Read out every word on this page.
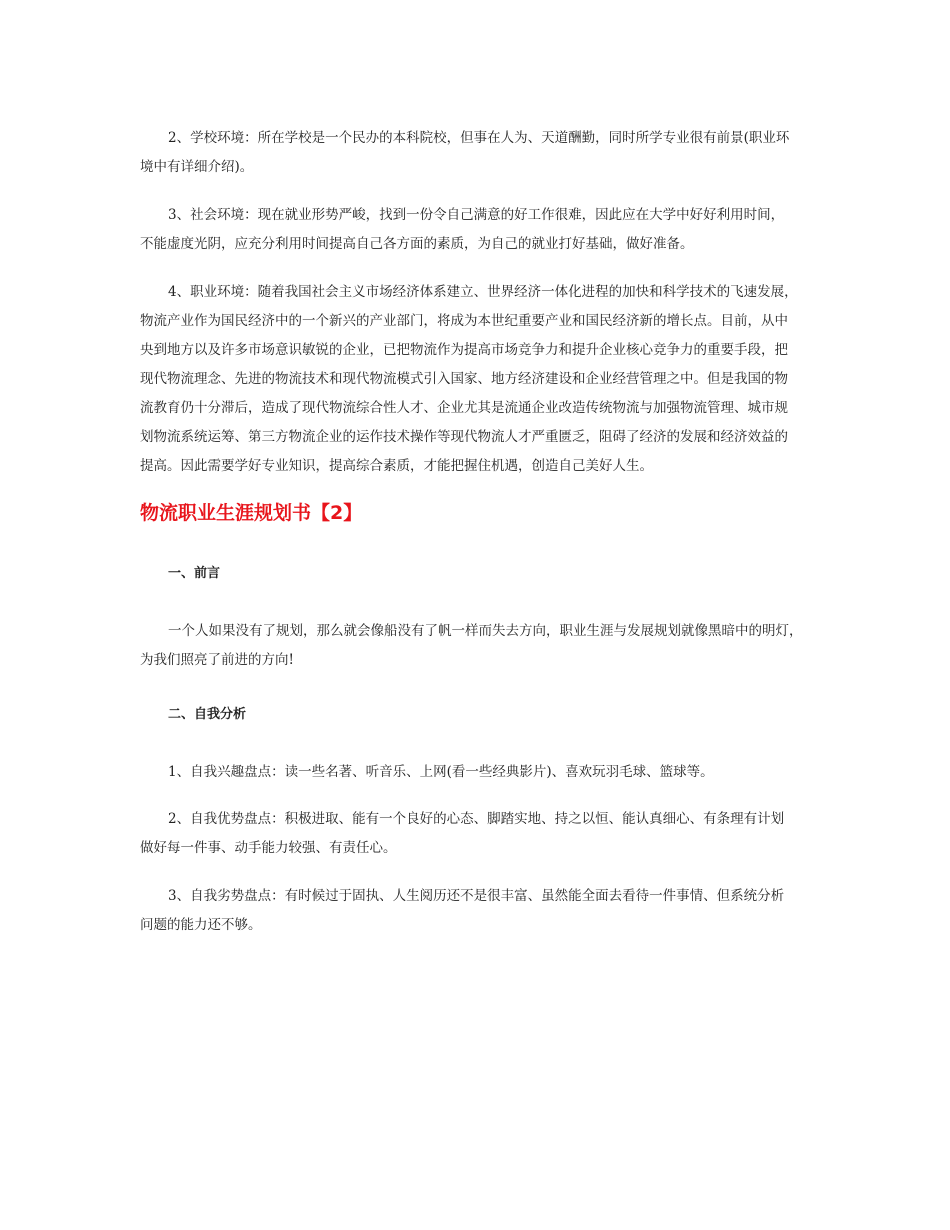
2、学校环境：所在学校是一个民办的本科院校，但事在人为、天道酬勤，同时所学专业很有前景(职业环

境中有详细介绍)。

3、社会环境：现在就业形势严峻，找到一份令自己满意的好工作很难，因此应在大学中好好利用时间，

不能虚度光阴，应充分利用时间提高自己各方面的素质，为自己的就业打好基础，做好准备。

4、职业环境：随着我国社会主义市场经济体系建立、世界经济一体化进程的加快和科学技术的飞速发展，

物流产业作为国民经济中的一个新兴的产业部门，将成为本世纪重要产业和国民经济新的增长点。目前，从中

央到地方以及许多市场意识敏锐的企业，已把物流作为提高市场竞争力和提升企业核心竞争力的重要手段，把

现代物流理念、先进的物流技术和现代物流模式引入国家、地方经济建设和企业经营管理之中。但是我国的物

流教育仍十分滞后，造成了现代物流综合性人才、企业尤其是流通企业改造传统物流与加强物流管理、城市规

划物流系统运筹、第三方物流企业的运作技术操作等现代物流人才严重匮乏，阻碍了经济的发展和经济效益的

提高。因此需要学好专业知识，提高综合素质，才能把握住机遇，创造自己美好人生。

物流职业生涯规划书【2】

一、前言

一个人如果没有了规划，那么就会像船没有了帆一样而失去方向，职业生涯与发展规划就像黑暗中的明灯，

为我们照亮了前进的方向!

二、自我分析

1、自我兴趣盘点：读一些名著、听音乐、上网(看一些经典影片)、喜欢玩羽毛球、篮球等。

2、自我优势盘点：积极进取、能有一个良好的心态、脚踏实地、持之以恒、能认真细心、有条理有计划

做好每一件事、动手能力较强、有责任心。

3、自我劣势盘点：有时候过于固执、人生阅历还不是很丰富、虽然能全面去看待一件事情、但系统分析

问题的能力还不够。
